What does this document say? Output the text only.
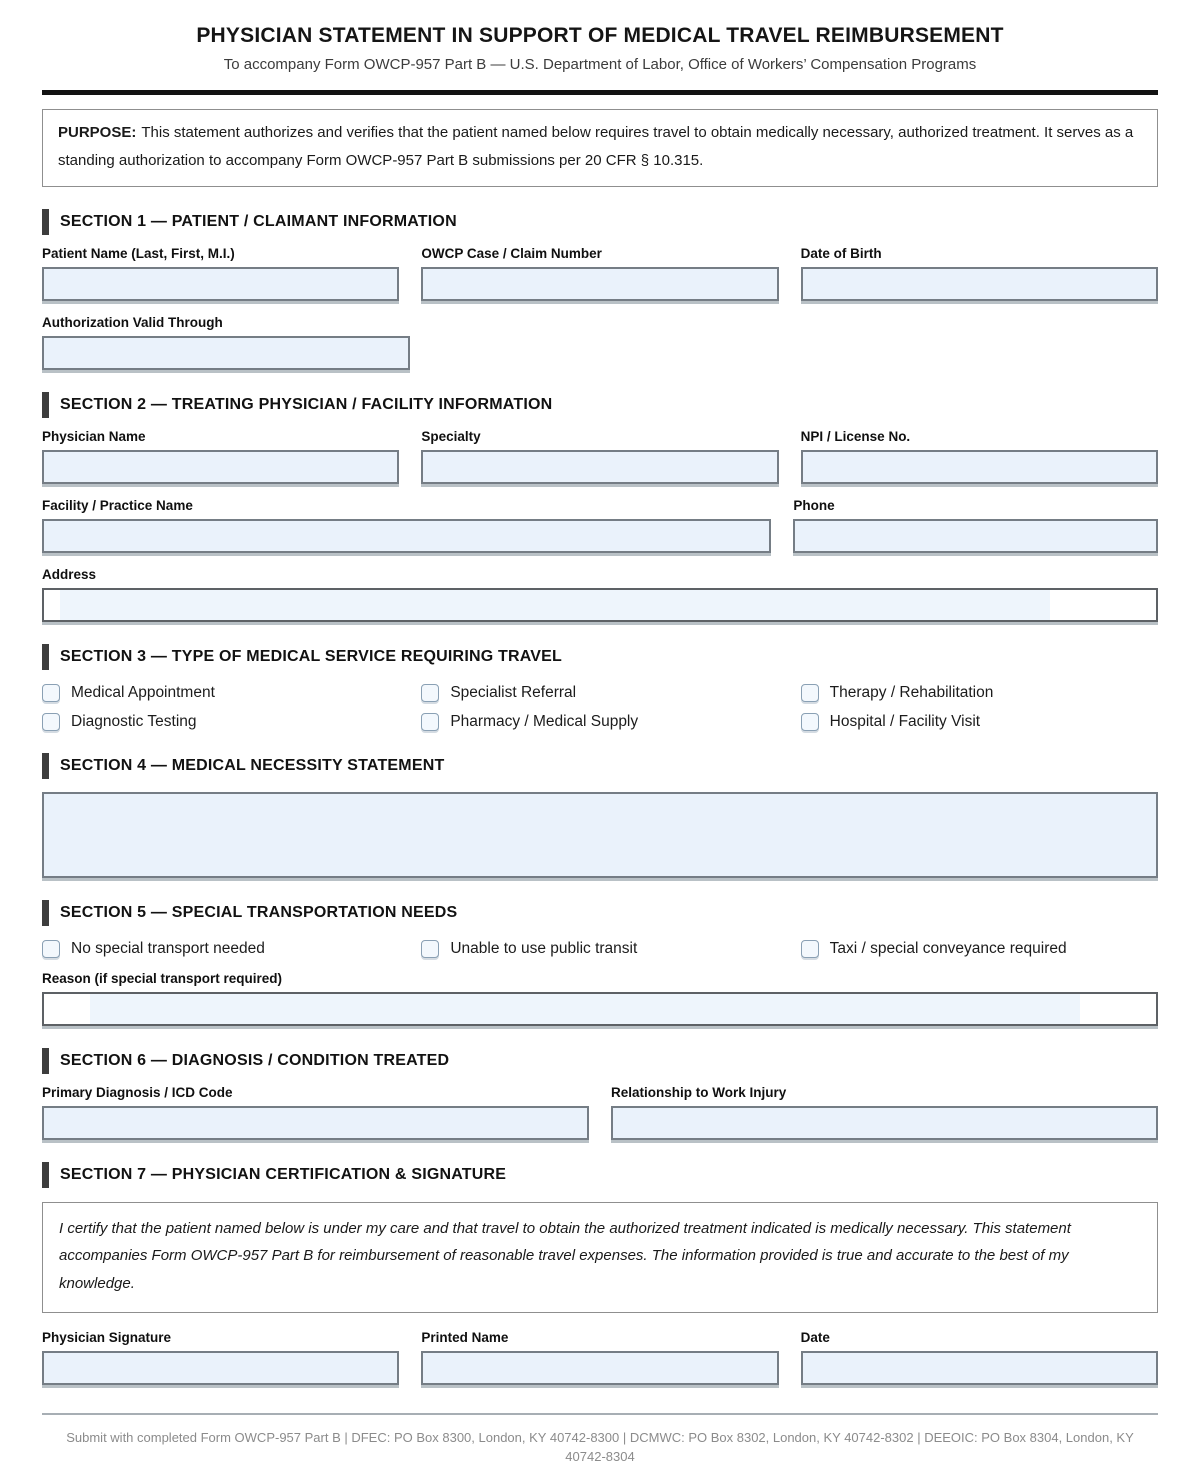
PHYSICIAN STATEMENT IN SUPPORT OF MEDICAL TRAVEL REIMBURSEMENT
To accompany Form OWCP-957 Part B — U.S. Department of Labor, Office of Workers’ Compensation Programs
PURPOSE: This statement authorizes and verifies that the patient named below requires travel to obtain medically necessary, authorized treatment. It serves as a standing authorization to accompany Form OWCP-957 Part B submissions per 20 CFR § 10.315.
SECTION 1 — PATIENT / CLAIMANT INFORMATION
Patient Name (Last, First, M.I.)	OWCP Case / Claim Number	Date of Birth
Authorization Valid Through
SECTION 2 — TREATING PHYSICIAN / FACILITY INFORMATION
Physician Name	Specialty	NPI / License No.
Facility / Practice Name	Phone
Address
SECTION 3 — TYPE OF MEDICAL SERVICE REQUIRING TRAVEL
Medical Appointment	Specialist Referral	Therapy / Rehabilitation
Diagnostic Testing	Pharmacy / Medical Supply	Hospital / Facility Visit
SECTION 4 — MEDICAL NECESSITY STATEMENT
SECTION 5 — SPECIAL TRANSPORTATION NEEDS
No special transport needed	Unable to use public transit	Taxi / special conveyance required
Reason (if special transport required)
SECTION 6 — DIAGNOSIS / CONDITION TREATED
Primary Diagnosis / ICD Code	Relationship to Work Injury
SECTION 7 — PHYSICIAN CERTIFICATION & SIGNATURE
I certify that the patient named below is under my care and that travel to obtain the authorized treatment indicated is medically necessary. This statement accompanies Form OWCP-957 Part B for reimbursement of reasonable travel expenses. The information provided is true and accurate to the best of my knowledge.
Physician Signature	Printed Name	Date
Submit with completed Form OWCP-957 Part B | DFEC: PO Box 8300, London, KY 40742-8300 | DCMWC: PO Box 8302, London, KY 40742-8302 | DEEOIC: PO Box 8304, London, KY 40742-8304
